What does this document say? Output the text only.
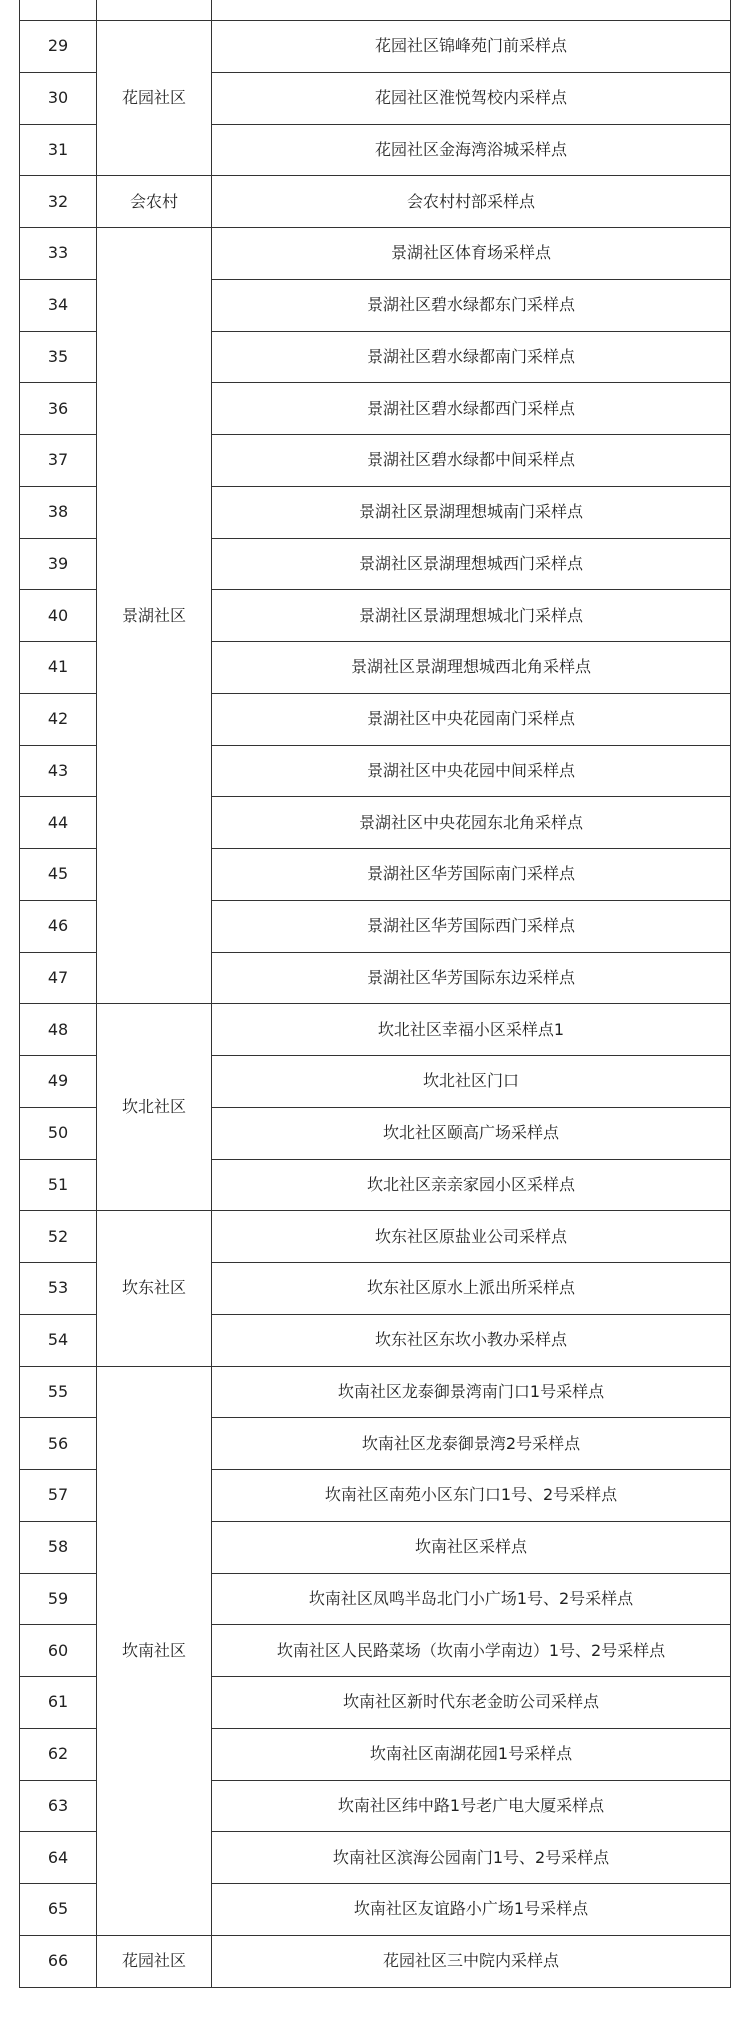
29	花园社区	花园社区锦峰苑门前采样点
30		花园社区淮悦驾校内采样点
31		花园社区金海湾浴城采样点
32	会农村	会农村村部采样点
33	景湖社区	景湖社区体育场采样点
34		景湖社区碧水绿都东门采样点
35		景湖社区碧水绿都南门采样点
36		景湖社区碧水绿都西门采样点
37		景湖社区碧水绿都中间采样点
38		景湖社区景湖理想城南门采样点
39		景湖社区景湖理想城西门采样点
40		景湖社区景湖理想城北门采样点
41		景湖社区景湖理想城西北角采样点
42		景湖社区中央花园南门采样点
43		景湖社区中央花园中间采样点
44		景湖社区中央花园东北角采样点
45		景湖社区华芳国际南门采样点
46		景湖社区华芳国际西门采样点
47		景湖社区华芳国际东边采样点
48	坎北社区	坎北社区幸福小区采样点1
49		坎北社区门口
50		坎北社区颐高广场采样点
51		坎北社区亲亲家园小区采样点
52	坎东社区	坎东社区原盐业公司采样点
53		坎东社区原水上派出所采样点
54		坎东社区东坎小教办采样点
55	坎南社区	坎南社区龙泰御景湾南门口1号采样点
56		坎南社区龙泰御景湾2号采样点
57		坎南社区南苑小区东门口1号、2号采样点
58		坎南社区采样点
59		坎南社区凤鸣半岛北门小广场1号、2号采样点
60		坎南社区人民路菜场（坎南小学南边）1号、2号采样点
61		坎南社区新时代东老金昉公司采样点
62		坎南社区南湖花园1号采样点
63		坎南社区纬中路1号老广电大厦采样点
64		坎南社区滨海公园南门1号、2号采样点
65		坎南社区友谊路小广场1号采样点
66	花园社区	花园社区三中院内采样点
